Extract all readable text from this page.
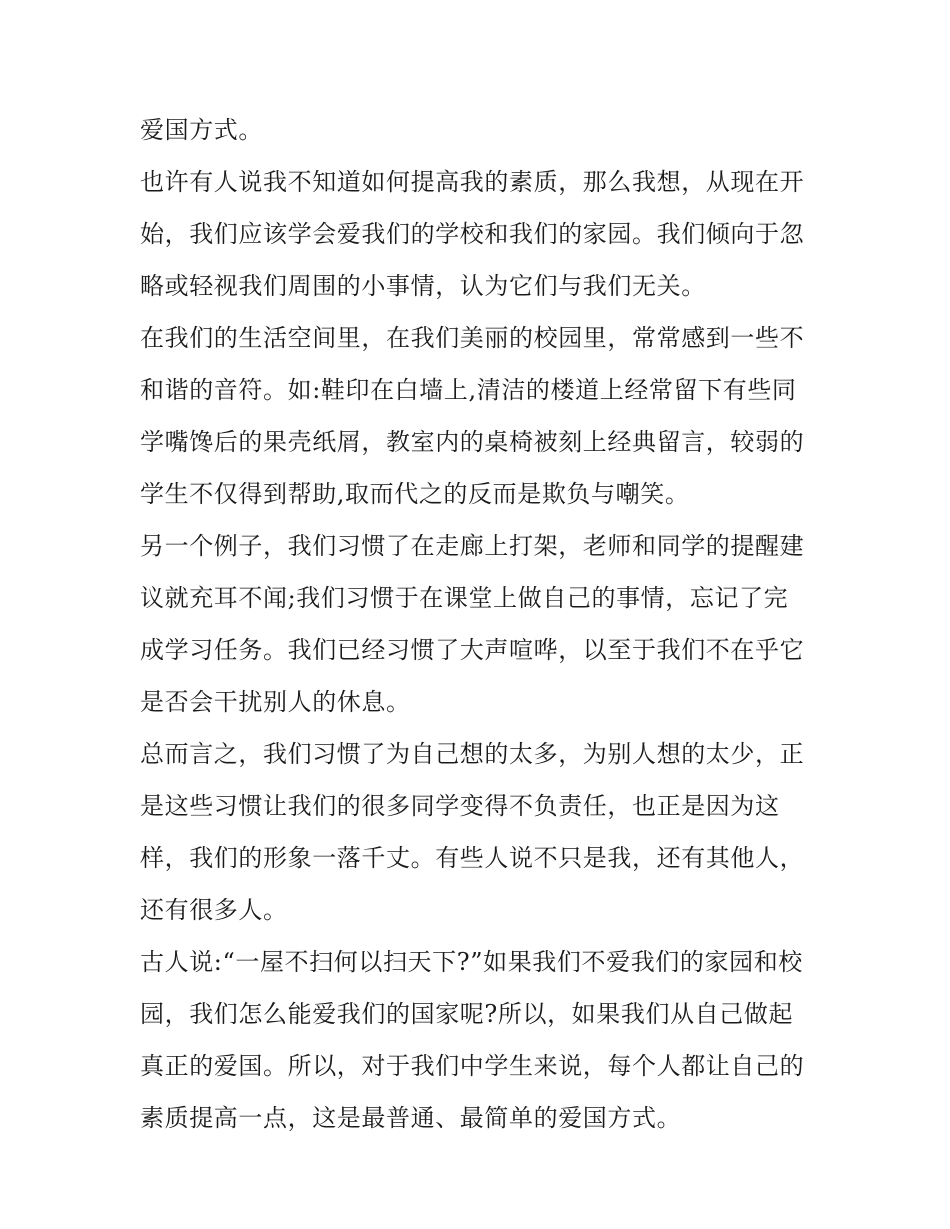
爱国方式。
也许有人说我不知道如何提高我的素质，那么我想，从现在开
始，我们应该学会爱我们的学校和我们的家园。我们倾向于忽
略或轻视我们周围的小事情，认为它们与我们无关。
在我们的生活空间里，在我们美丽的校园里，常常感到一些不
和谐的音符。如:鞋印在白墙上,清洁的楼道上经常留下有些同
学嘴馋后的果壳纸屑，教室内的桌椅被刻上经典留言，较弱的
学生不仅得到帮助,取而代之的反而是欺负与嘲笑。
另一个例子，我们习惯了在走廊上打架，老师和同学的提醒建
议就充耳不闻;我们习惯于在课堂上做自己的事情，忘记了完
成学习任务。我们已经习惯了大声喧哗，以至于我们不在乎它
是否会干扰别人的休息。
总而言之，我们习惯了为自己想的太多，为别人想的太少，正
是这些习惯让我们的很多同学变得不负责任，也正是因为这
样，我们的形象一落千丈。有些人说不只是我，还有其他人，
还有很多人。
古人说:“一屋不扫何以扫天下?”如果我们不爱我们的家园和校
园，我们怎么能爱我们的国家呢?所以，如果我们从自己做起
真正的爱国。所以，对于我们中学生来说，每个人都让自己的
素质提高一点，这是最普通、最简单的爱国方式。
